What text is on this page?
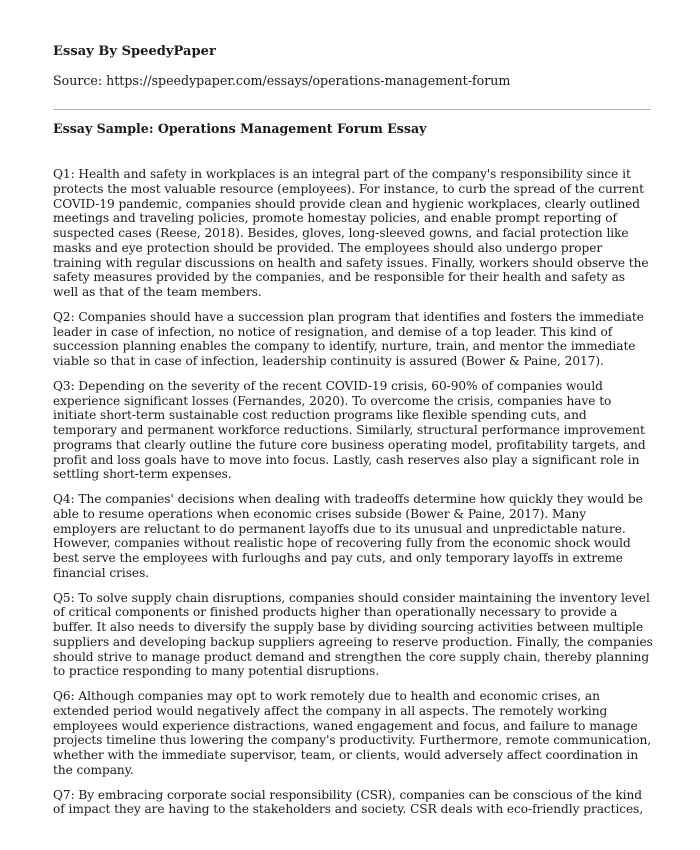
Essay By SpeedyPaper

Source: https://speedypaper.com/essays/operations-management-forum

Essay Sample: Operations Management Forum Essay

Q1: Health and safety in workplaces is an integral part of the company's responsibility since it protects the most valuable resource (employees). For instance, to curb the spread of the current COVID-19 pandemic, companies should provide clean and hygienic workplaces, clearly outlined meetings and traveling policies, promote homestay policies, and enable prompt reporting of suspected cases (Reese, 2018). Besides, gloves, long-sleeved gowns, and facial protection like masks and eye protection should be provided. The employees should also undergo proper training with regular discussions on health and safety issues. Finally, workers should observe the safety measures provided by the companies, and be responsible for their health and safety as well as that of the team members.

Q2: Companies should have a succession plan program that identifies and fosters the immediate leader in case of infection, no notice of resignation, and demise of a top leader. This kind of succession planning enables the company to identify, nurture, train, and mentor the immediate viable so that in case of infection, leadership continuity is assured (Bower & Paine, 2017).

Q3: Depending on the severity of the recent COVID-19 crisis, 60-90% of companies would experience significant losses (Fernandes, 2020). To overcome the crisis, companies have to initiate short-term sustainable cost reduction programs like flexible spending cuts, and temporary and permanent workforce reductions. Similarly, structural performance improvement programs that clearly outline the future core business operating model, profitability targets, and profit and loss goals have to move into focus. Lastly, cash reserves also play a significant role in settling short-term expenses.

Q4: The companies' decisions when dealing with tradeoffs determine how quickly they would be able to resume operations when economic crises subside (Bower & Paine, 2017). Many employers are reluctant to do permanent layoffs due to its unusual and unpredictable nature. However, companies without realistic hope of recovering fully from the economic shock would best serve the employees with furloughs and pay cuts, and only temporary layoffs in extreme financial crises.

Q5: To solve supply chain disruptions, companies should consider maintaining the inventory level of critical components or finished products higher than operationally necessary to provide a buffer. It also needs to diversify the supply base by dividing sourcing activities between multiple suppliers and developing backup suppliers agreeing to reserve production. Finally, the companies should strive to manage product demand and strengthen the core supply chain, thereby planning to practice responding to many potential disruptions.

Q6: Although companies may opt to work remotely due to health and economic crises, an extended period would negatively affect the company in all aspects. The remotely working employees would experience distractions, waned engagement and focus, and failure to manage projects timeline thus lowering the company's productivity. Furthermore, remote communication, whether with the immediate supervisor, team, or clients, would adversely affect coordination in the company.

Q7: By embracing corporate social responsibility (CSR), companies can be conscious of the kind of impact they are having to the stakeholders and society. CSR deals with eco-friendly practices,
